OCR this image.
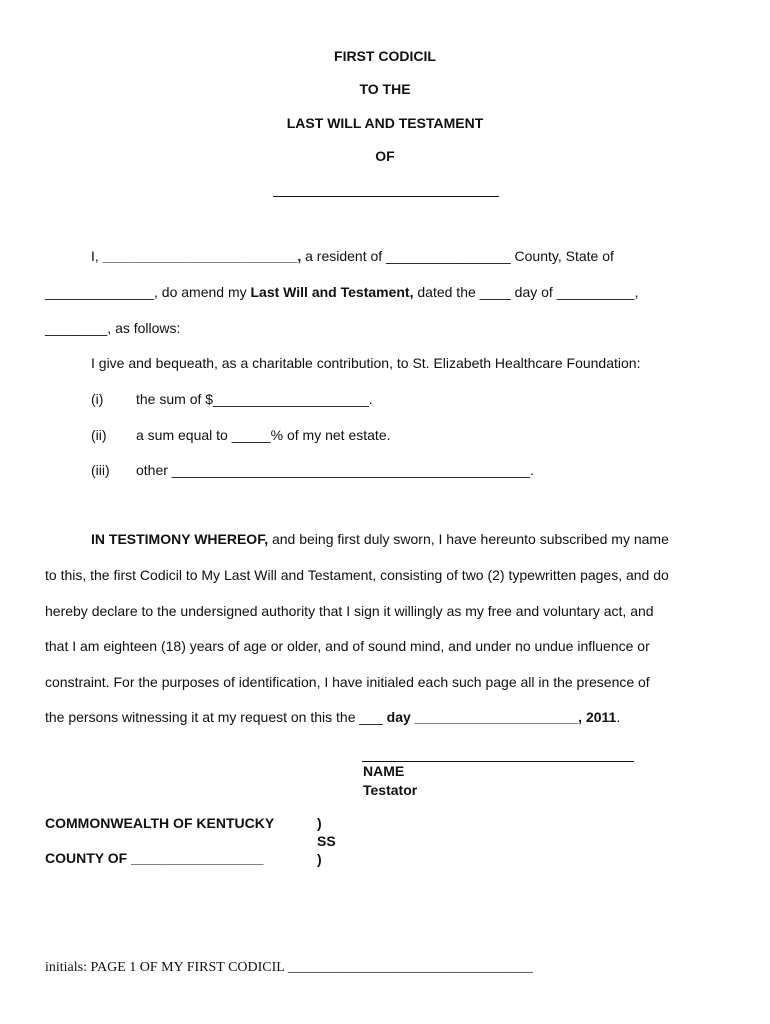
FIRST CODICIL
TO THE
LAST WILL AND TESTAMENT
OF
I, _________________________, a resident of ________________ County, State of
______________, do amend my Last Will and Testament, dated the ____ day of __________,
________, as follows:
I give and bequeath, as a charitable contribution, to St. Elizabeth Healthcare Foundation:
(i) the sum of $____________________.
(ii) a sum equal to _____% of my net estate.
(iii) other ______________________________________________.
IN TESTIMONY WHEREOF, and being first duly sworn, I have hereunto subscribed my name
to this, the first Codicil to My Last Will and Testament, consisting of two (2) typewritten pages, and do
hereby declare to the undersigned authority that I sign it willingly as my free and voluntary act, and
that I am eighteen (18) years of age or older, and of sound mind, and under no undue influence or
constraint. For the purposes of identification, I have initialed each such page all in the presence of
the persons witnessing it at my request on this the ___ day _____________________, 2011.
NAME
Testator
COMMONWEALTH OF KENTUCKY
COUNTY OF _________________
)
SS
)
initials: PAGE 1 OF MY FIRST CODICIL ___________________________________
